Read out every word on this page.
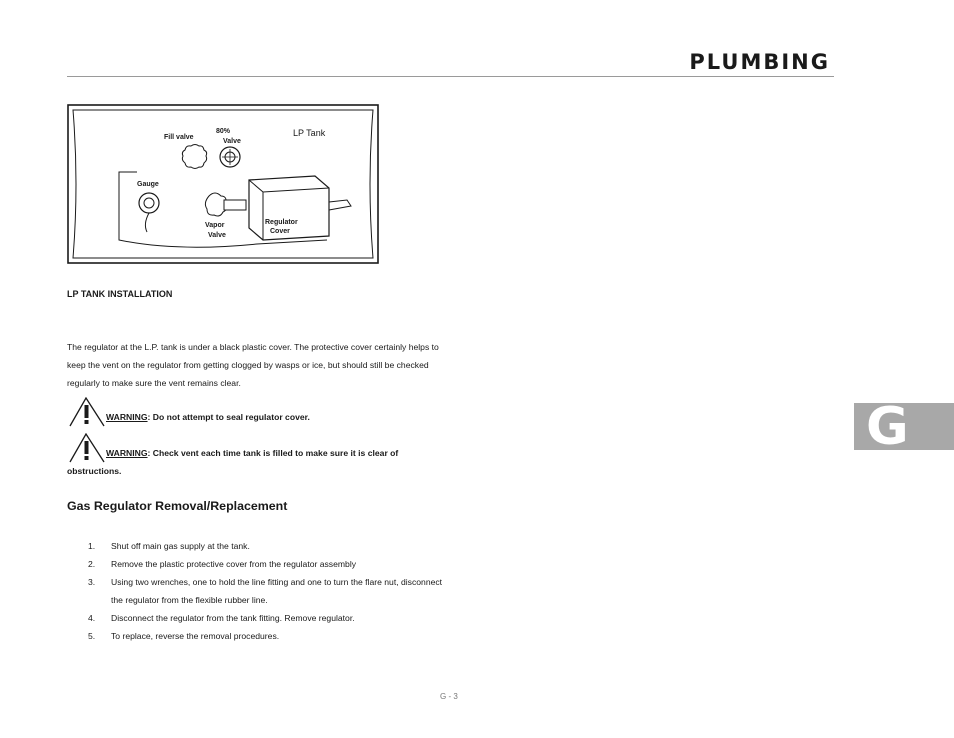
PLUMBING
Fill valve
80%
Valve
LP Tank
Gauge
Vapor
Valve
Regulator
Cover
LP TANK INSTALLATION

The regulator at the L.P. tank is under a black plastic cover. The protective cover certainly helps to keep the vent on the regulator from getting clogged by wasps or ice, but should still be checked regularly to make sure the vent remains clear.

WARNING: Do not attempt to seal regulator cover.
WARNING: Check vent each time tank is filled to make sure it is clear of obstructions.
Gas Regulator Removal/Replacement
1. Shut off main gas supply at the tank.
2. Remove the plastic protective cover from the regulator assembly
3. Using two wrenches, one to hold the line fitting and one to turn the flare nut, disconnect the regulator from the flexible rubber line.
4. Disconnect the regulator from the tank fitting. Remove regulator.
5. To replace, reverse the removal procedures.
G
G - 3
